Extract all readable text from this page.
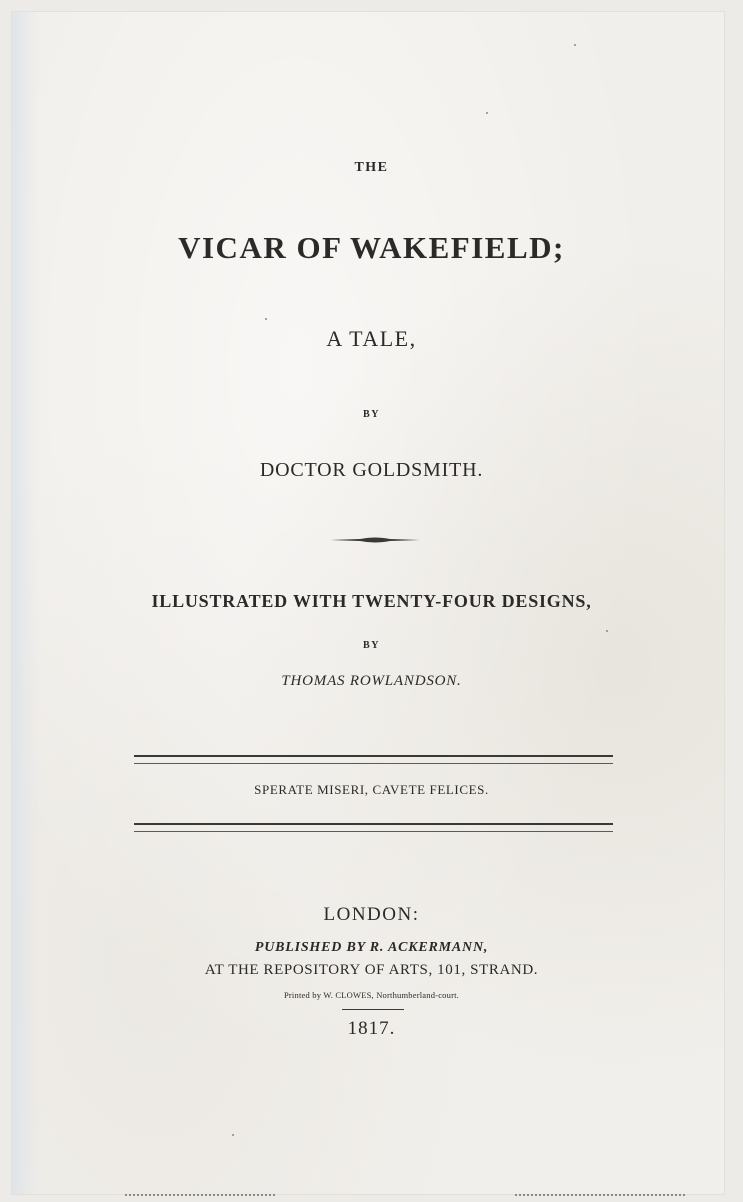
THE
VICAR OF WAKEFIELD;
A TALE,
BY
DOCTOR GOLDSMITH.
ILLUSTRATED WITH TWENTY-FOUR DESIGNS,
BY
THOMAS ROWLANDSON.
SPERATE MISERI, CAVETE FELICES.
LONDON:
PUBLISHED BY R. ACKERMANN,
AT THE REPOSITORY OF ARTS, 101, STRAND.
Printed by W. CLOWES, Northumberland-court.
1817.
